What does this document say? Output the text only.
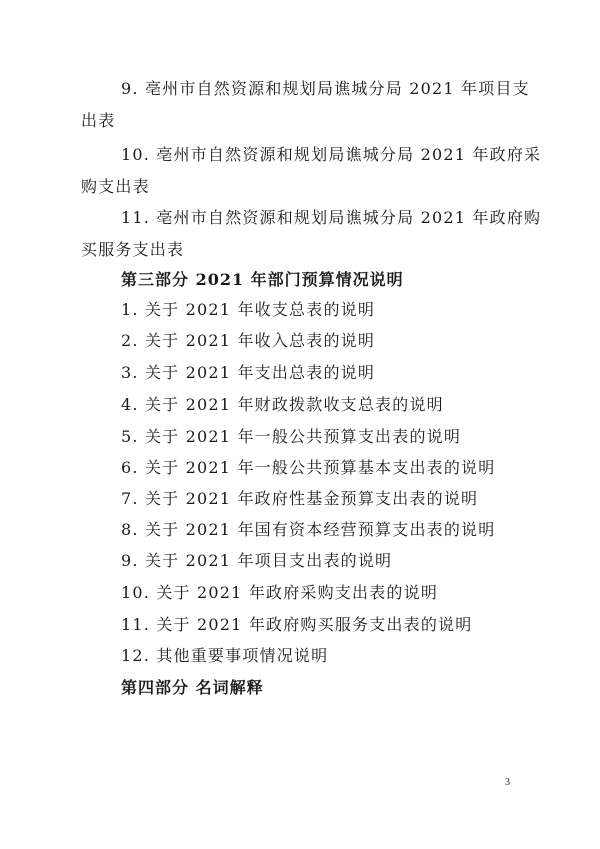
9. 亳州市自然资源和规划局谯城分局 2021 年项目支
出表
10. 亳州市自然资源和规划局谯城分局 2021 年政府采
购支出表
11. 亳州市自然资源和规划局谯城分局 2021 年政府购
买服务支出表
第三部分 2021 年部门预算情况说明
1. 关于 2021 年收支总表的说明
2. 关于 2021 年收入总表的说明
3. 关于 2021 年支出总表的说明
4. 关于 2021 年财政拨款收支总表的说明
5. 关于 2021 年一般公共预算支出表的说明
6. 关于 2021 年一般公共预算基本支出表的说明
7. 关于 2021 年政府性基金预算支出表的说明
8. 关于 2021 年国有资本经营预算支出表的说明
9. 关于 2021 年项目支出表的说明
10. 关于 2021 年政府采购支出表的说明
11. 关于 2021 年政府购买服务支出表的说明
12. 其他重要事项情况说明
第四部分 名词解释
3
